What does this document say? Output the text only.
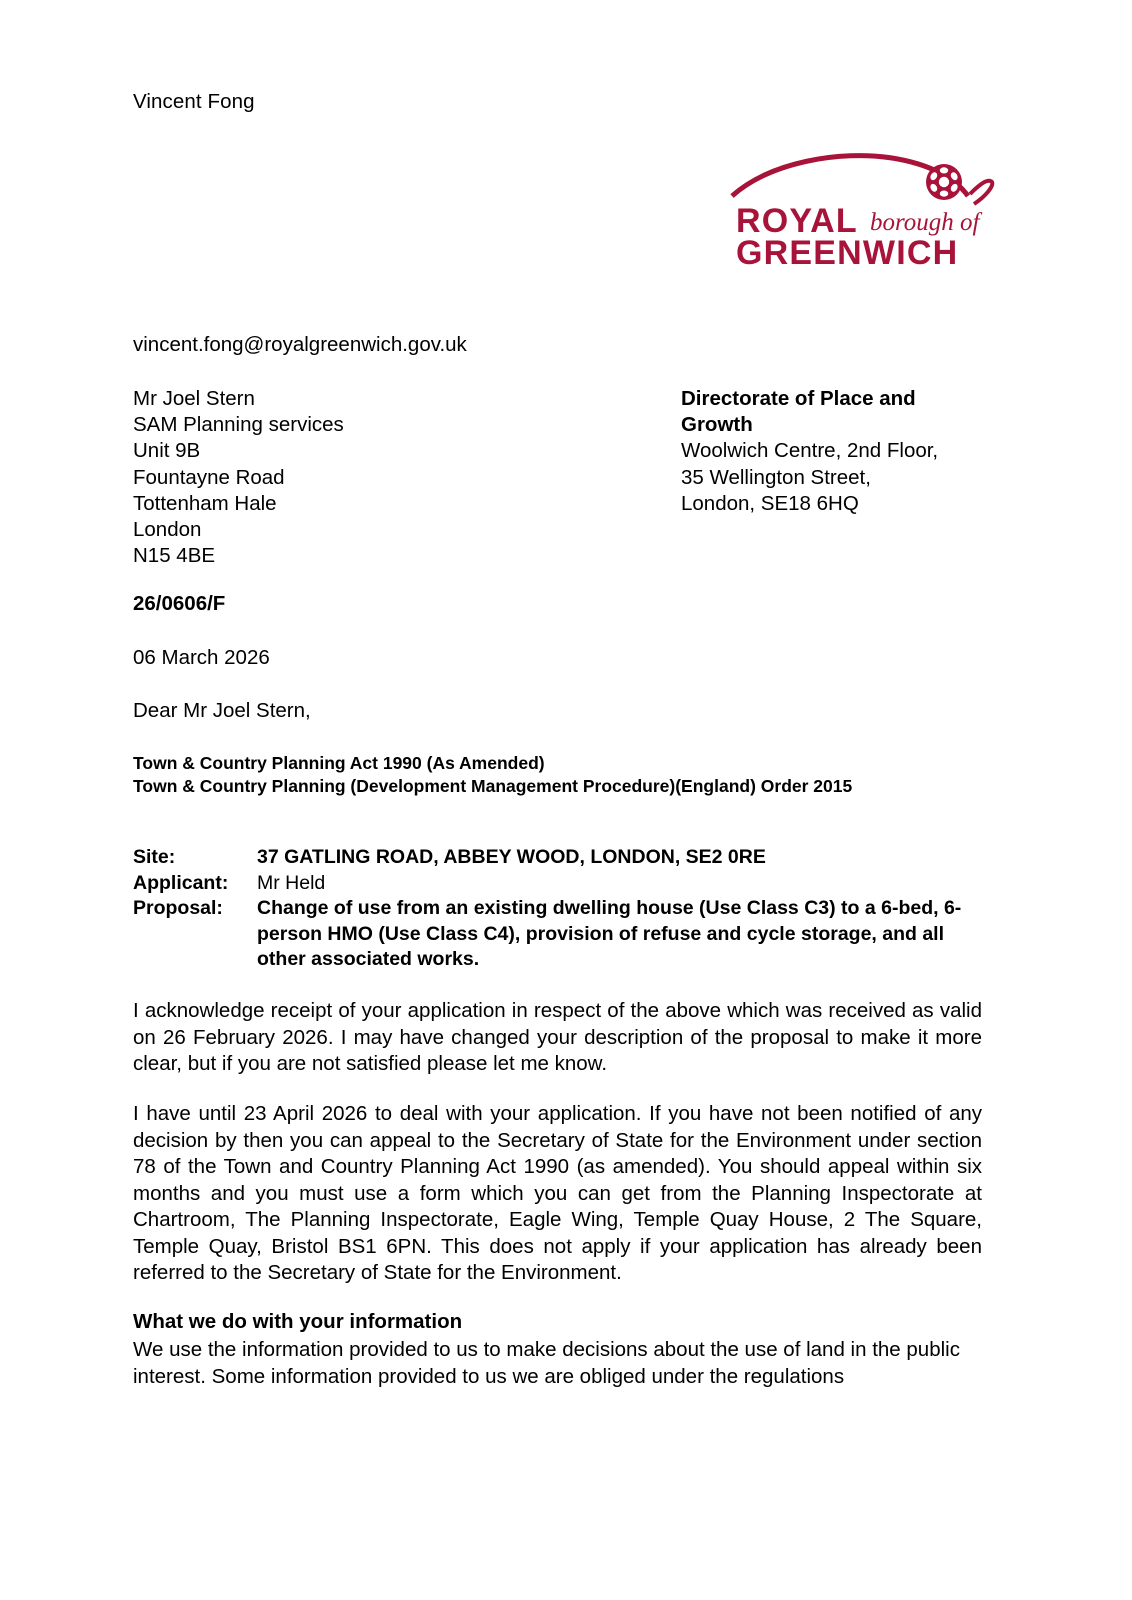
Vincent Fong
ROYAL borough of
GREENWICH
vincent.fong@royalgreenwich.gov.uk
Mr Joel Stern
SAM Planning services
Unit 9B
Fountayne Road
Tottenham Hale
London
N15 4BE
Directorate of Place and
Growth
Woolwich Centre, 2nd Floor,
35 Wellington Street,
London, SE18 6HQ
26/0606/F
06 March 2026
Dear Mr Joel Stern,
Town & Country Planning Act 1990 (As Amended)
Town & Country Planning (Development Management Procedure)(England) Order 2015
Site:	37 GATLING ROAD, ABBEY WOOD, LONDON, SE2 0RE
Applicant:	Mr Held
Proposal:	Change of use from an existing dwelling house (Use Class C3) to a 6-bed, 6-person HMO (Use Class C4), provision of refuse and cycle storage, and all other associated works.
I acknowledge receipt of your application in respect of the above which was received as valid on 26 February 2026. I may have changed your description of the proposal to make it more clear, but if you are not satisfied please let me know.
I have until 23 April 2026 to deal with your application. If you have not been notified of any decision by then you can appeal to the Secretary of State for the Environment under section 78 of the Town and Country Planning Act 1990 (as amended). You should appeal within six months and you must use a form which you can get from the Planning Inspectorate at Chartroom, The Planning Inspectorate, Eagle Wing, Temple Quay House, 2 The Square, Temple Quay, Bristol BS1 6PN. This does not apply if your application has already been referred to the Secretary of State for the Environment.
What we do with your information
We use the information provided to us to make decisions about the use of land in the public interest. Some information provided to us we are obliged under the regulations
